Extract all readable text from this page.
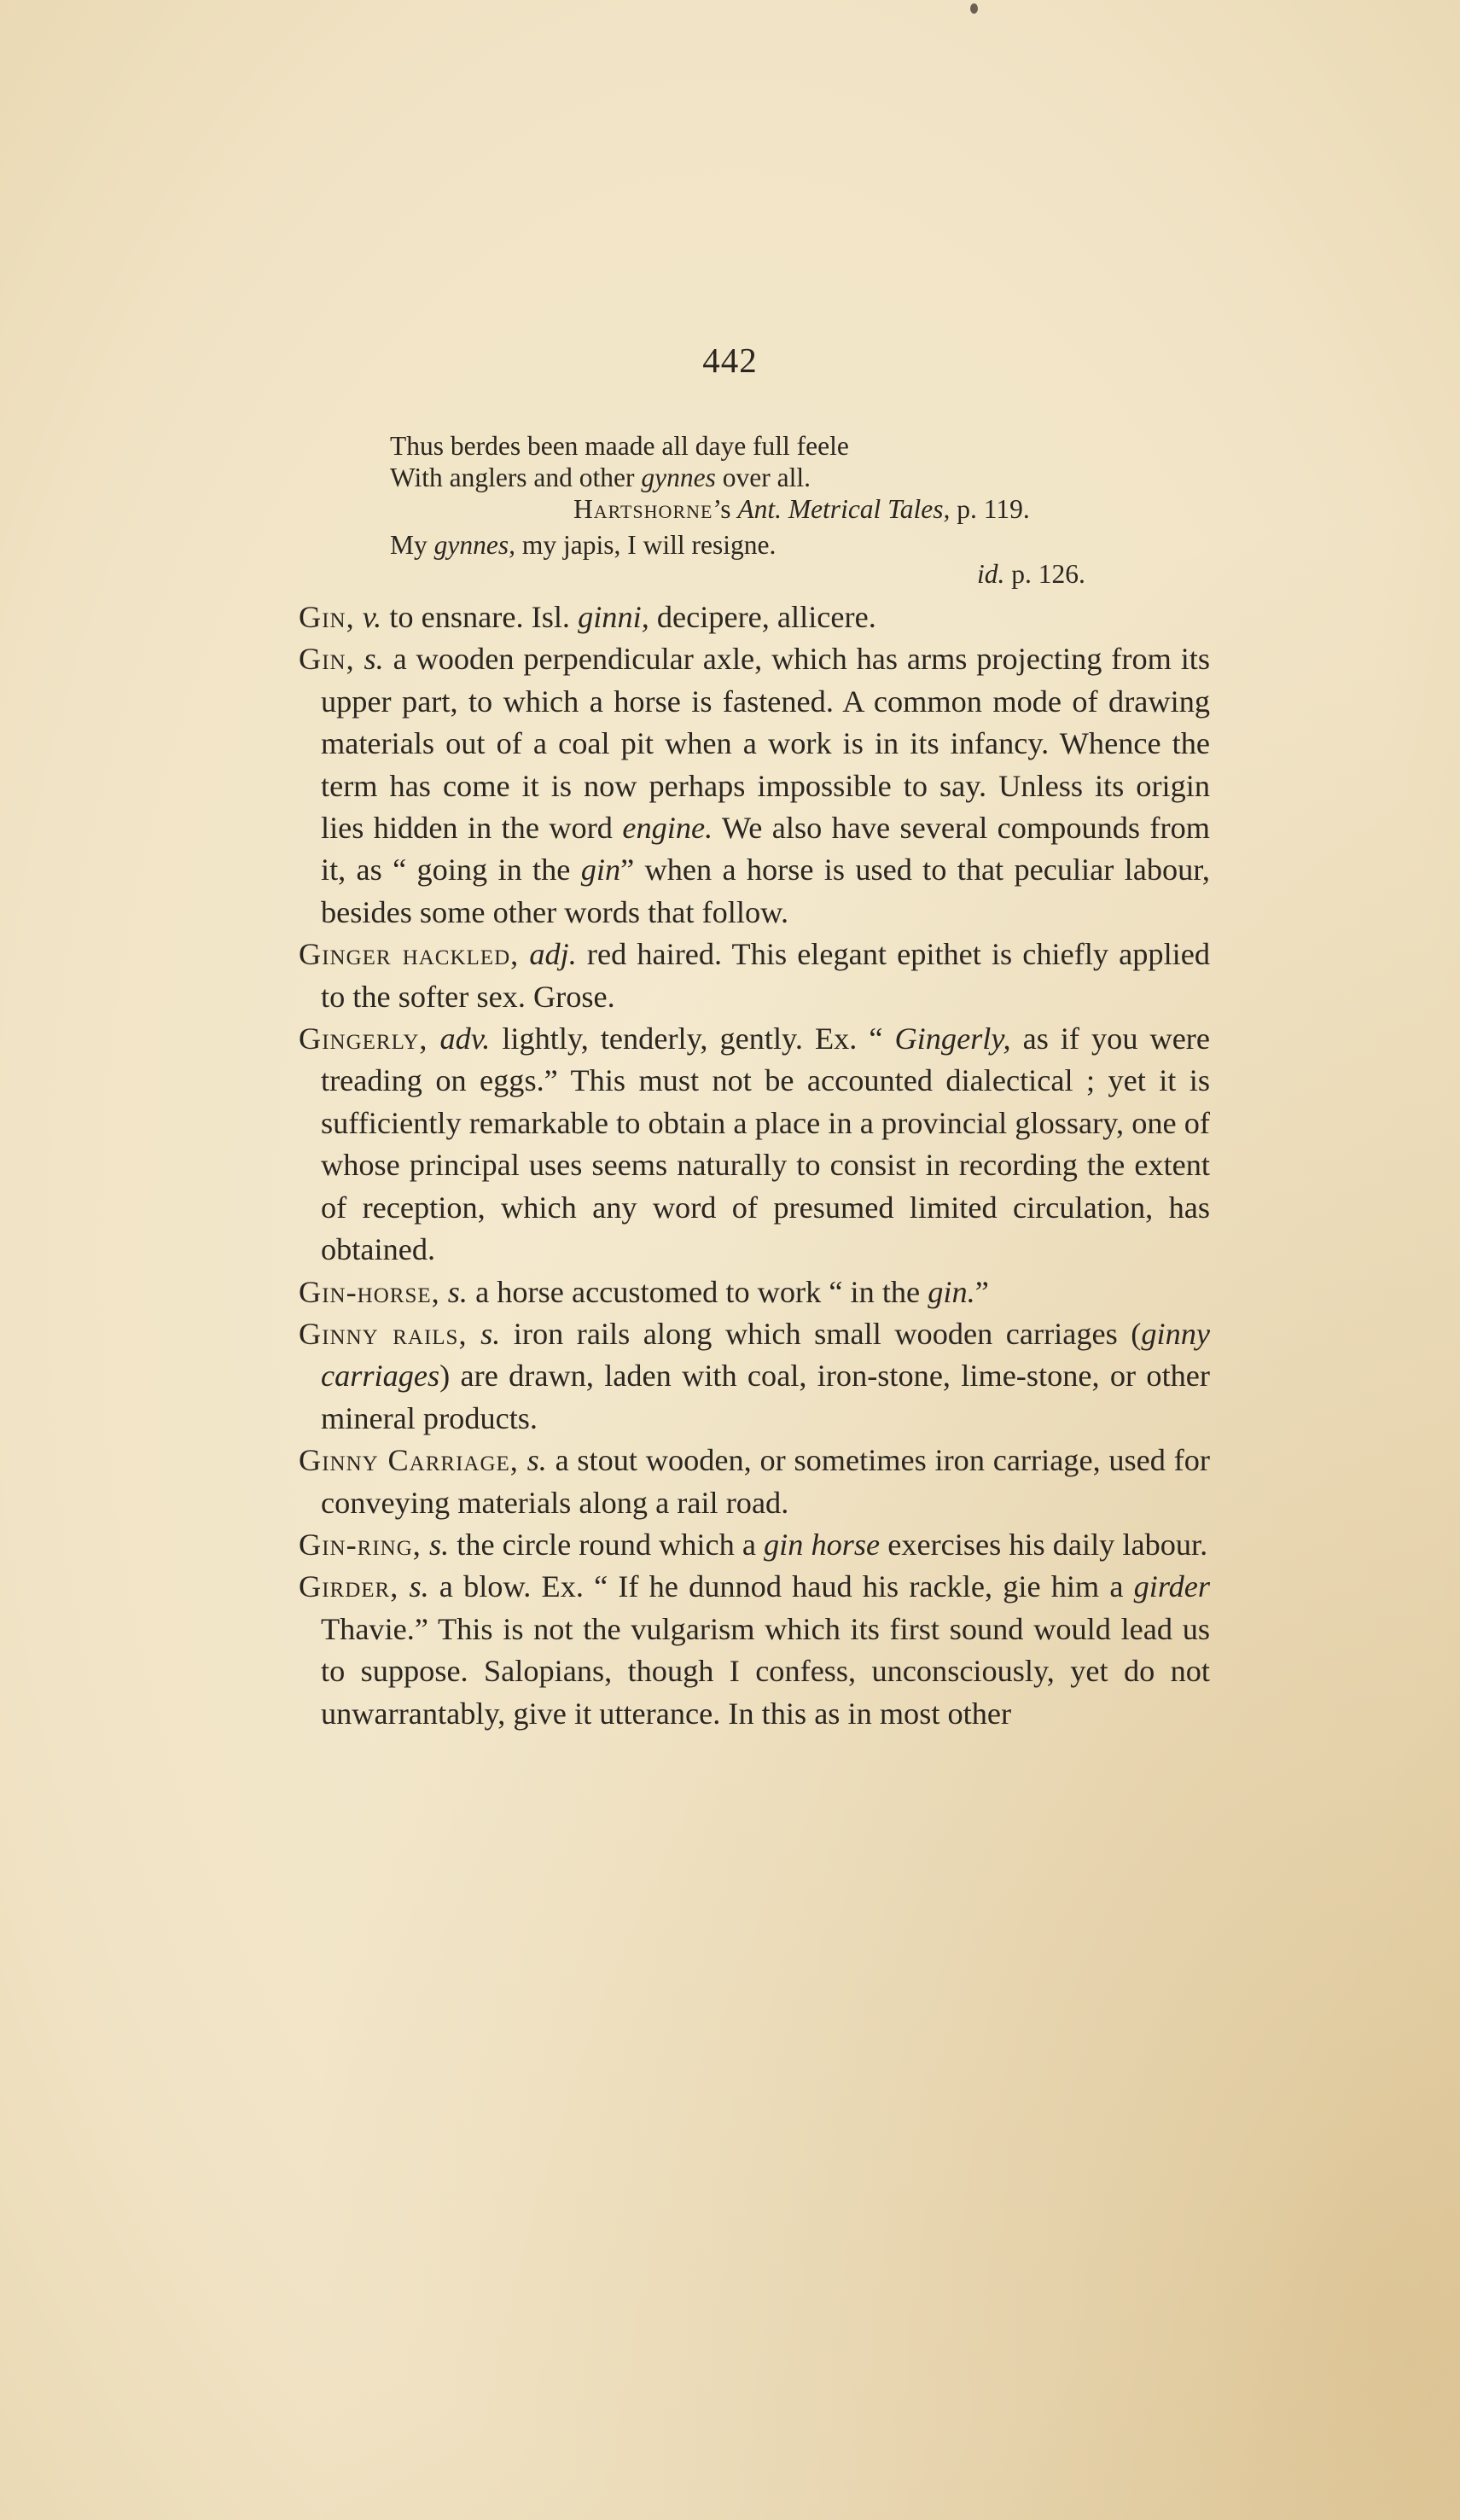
442
Thus berdes been maade all daye full feele
With anglers and other gynnes over all.
Hartshorne’s Ant. Metrical Tales, p. 119.
My gynnes, my japis, I will resigne.
id. p. 126.

Gin, v. to ensnare. Isl. ginni, decipere, allicere.

Gin, s. a wooden perpendicular axle, which has arms projecting from its upper part, to which a horse is fastened. A common mode of drawing materials out of a coal pit when a work is in its infancy. Whence the term has come it is now perhaps impossible to say. Unless its origin lies hidden in the word engine. We also have several compounds from it, as “ going in the gin” when a horse is used to that peculiar labour, besides some other words that follow.

Ginger hackled, adj. red haired. This elegant epithet is chiefly applied to the softer sex. Grose.

Gingerly, adv. lightly, tenderly, gently. Ex. “ Gingerly, as if you were treading on eggs.” This must not be accounted dialectical ; yet it is sufficiently remarkable to obtain a place in a provincial glossary, one of whose principal uses seems naturally to consist in recording the extent of reception, which any word of presumed limited circulation, has obtained.

Gin-horse, s. a horse accustomed to work “ in the gin.”

Ginny rails, s. iron rails along which small wooden carriages (ginny carriages) are drawn, laden with coal, iron-stone, lime-stone, or other mineral products.

Ginny Carriage, s. a stout wooden, or sometimes iron carriage, used for conveying materials along a rail road.

Gin-ring, s. the circle round which a gin horse exercises his daily labour.

Girder, s. a blow. Ex. “ If he dunnod haud his rackle, gie him a girder Thavie.” This is not the vulgarism which its first sound would lead us to suppose. Salopians, though I confess, unconsciously, yet do not unwarrantably, give it utterance. In this as in most other
